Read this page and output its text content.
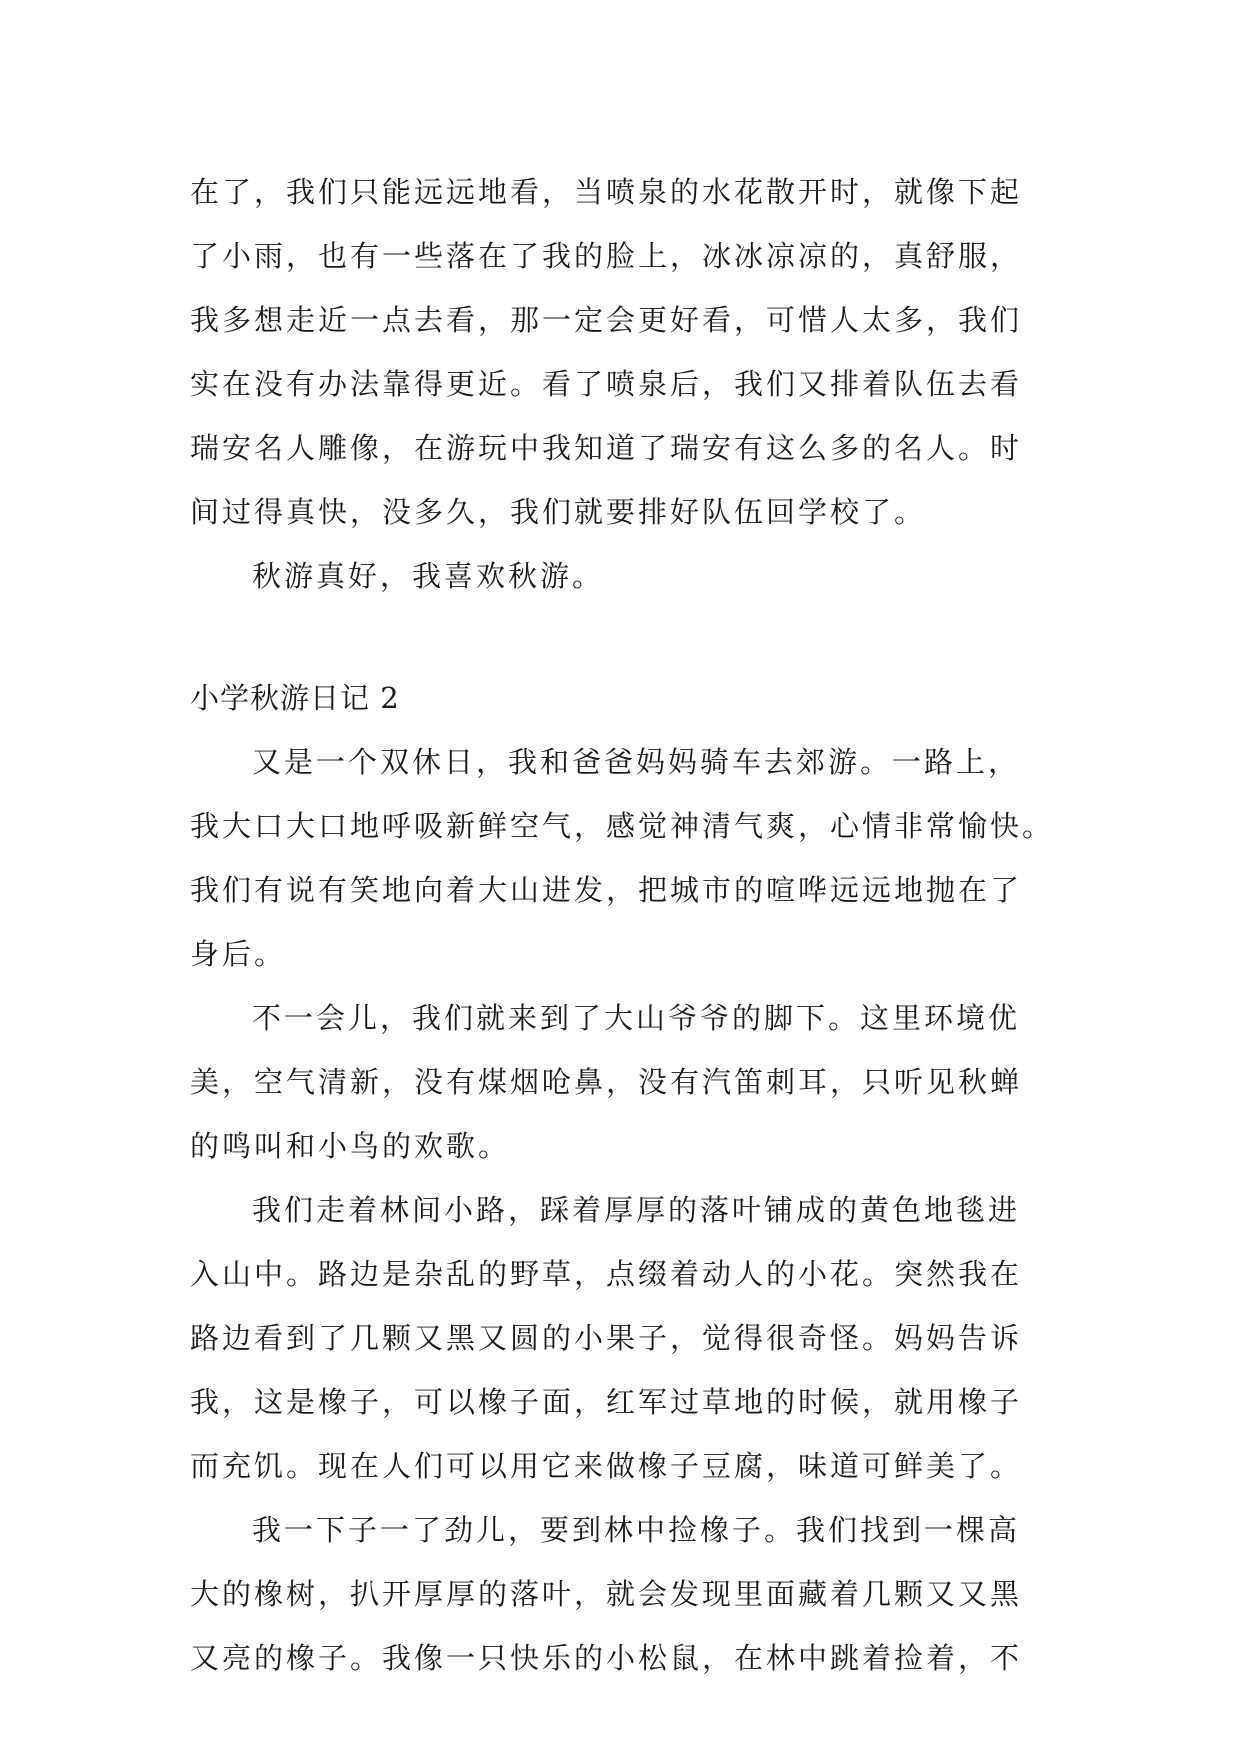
在了，我们只能远远地看，当喷泉的水花散开时，就像下起
了小雨，也有一些落在了我的脸上，冰冰凉凉的，真舒服，
我多想走近一点去看，那一定会更好看，可惜人太多，我们
实在没有办法靠得更近。看了喷泉后，我们又排着队伍去看
瑞安名人雕像，在游玩中我知道了瑞安有这么多的名人。时
间过得真快，没多久，我们就要排好队伍回学校了。
秋游真好，我喜欢秋游。
小学秋游日记 2
又是一个双休日，我和爸爸妈妈骑车去郊游。一路上，
我大口大口地呼吸新鲜空气，感觉神清气爽，心情非常愉快。
我们有说有笑地向着大山进发，把城市的喧哗远远地抛在了
身后。
不一会儿，我们就来到了大山爷爷的脚下。这里环境优
美，空气清新，没有煤烟呛鼻，没有汽笛刺耳，只听见秋蝉
的鸣叫和小鸟的欢歌。
我们走着林间小路，踩着厚厚的落叶铺成的黄色地毯进
入山中。路边是杂乱的野草，点缀着动人的小花。突然我在
路边看到了几颗又黑又圆的小果子，觉得很奇怪。妈妈告诉
我，这是橡子，可以橡子面，红军过草地的时候，就用橡子
而充饥。现在人们可以用它来做橡子豆腐，味道可鲜美了。
我一下子一了劲儿，要到林中捡橡子。我们找到一棵高
大的橡树，扒开厚厚的落叶，就会发现里面藏着几颗又又黑
又亮的橡子。我像一只快乐的小松鼠，在林中跳着捡着，不
